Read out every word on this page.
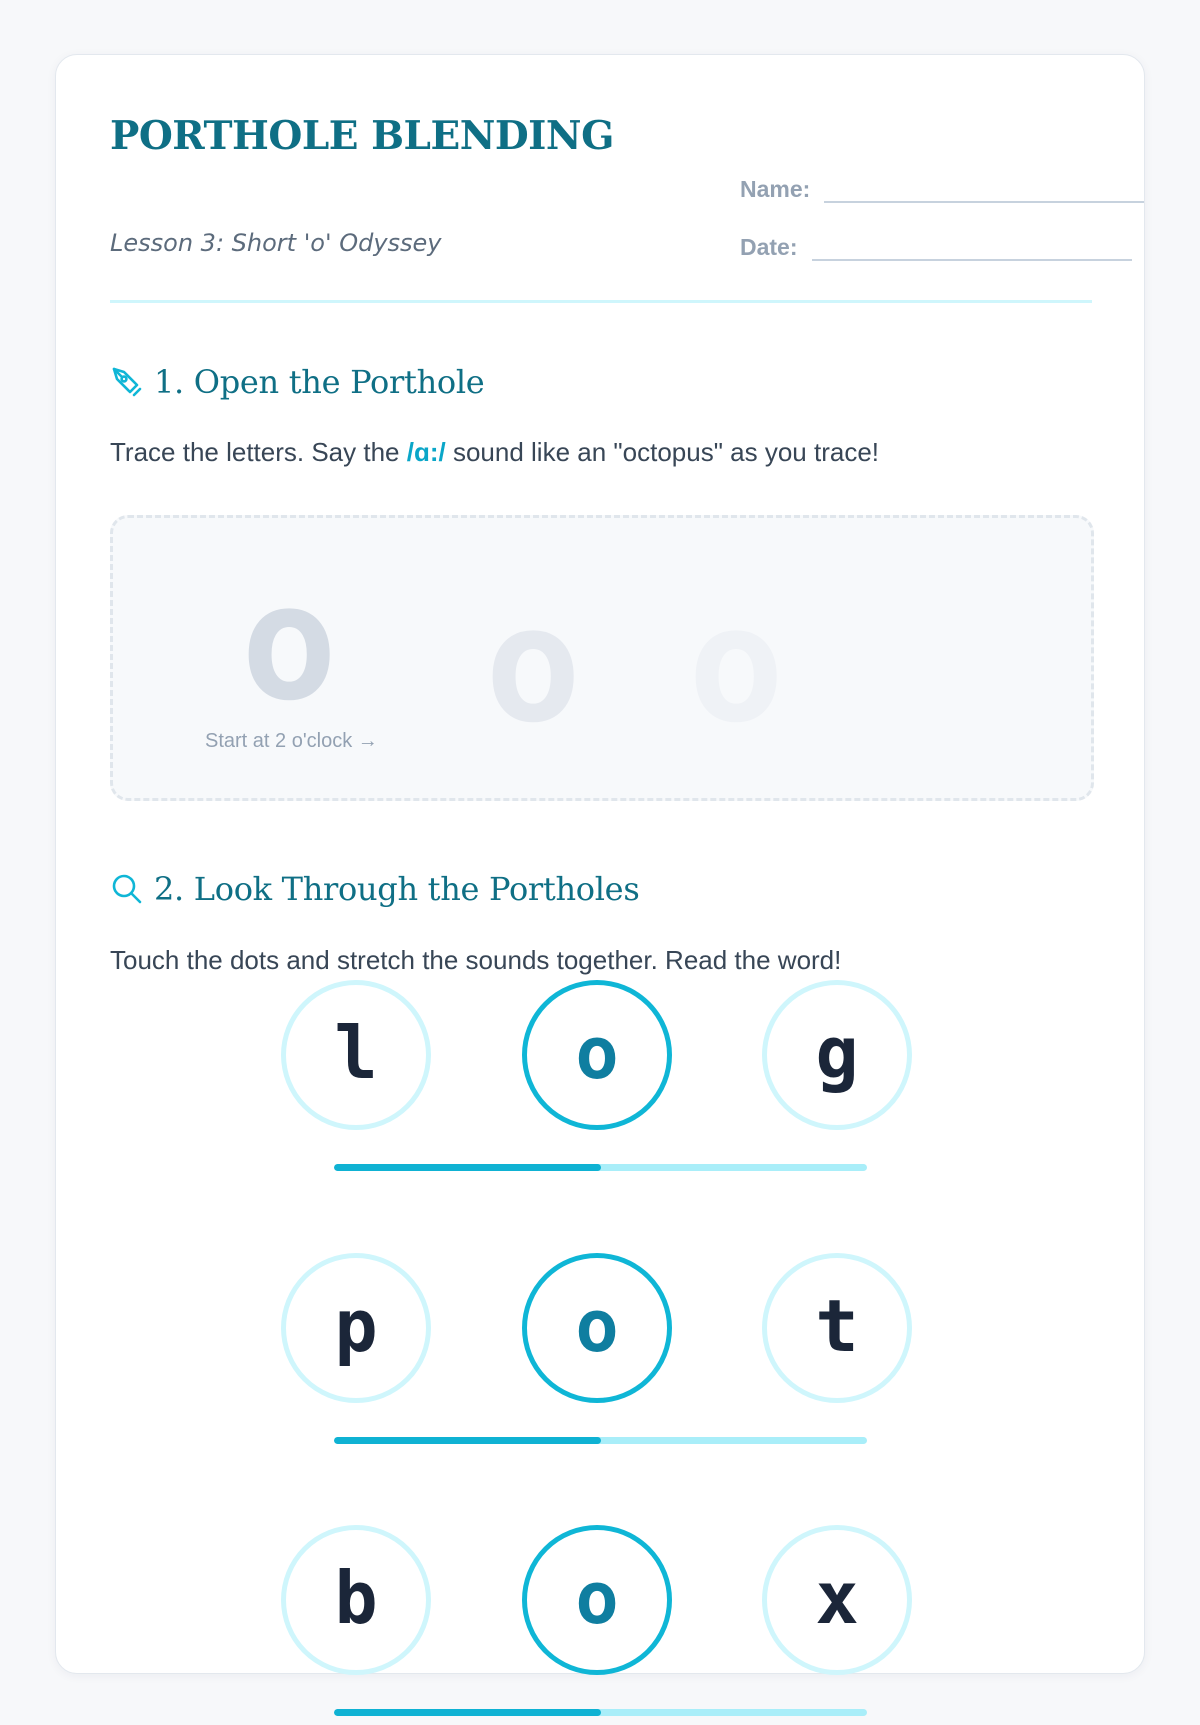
PORTHOLE BLENDING
Lesson 3: Short 'o' Odyssey
Name:
Date:
1. Open the Porthole
Trace the letters. Say the /ɑ:/ sound like an "octopus" as you trace!
o o o
Start at 2 o'clock →
2. Look Through the Portholes
Touch the dots and stretch the sounds together. Read the word!
l	o	g
p	o	t
b	o	x
